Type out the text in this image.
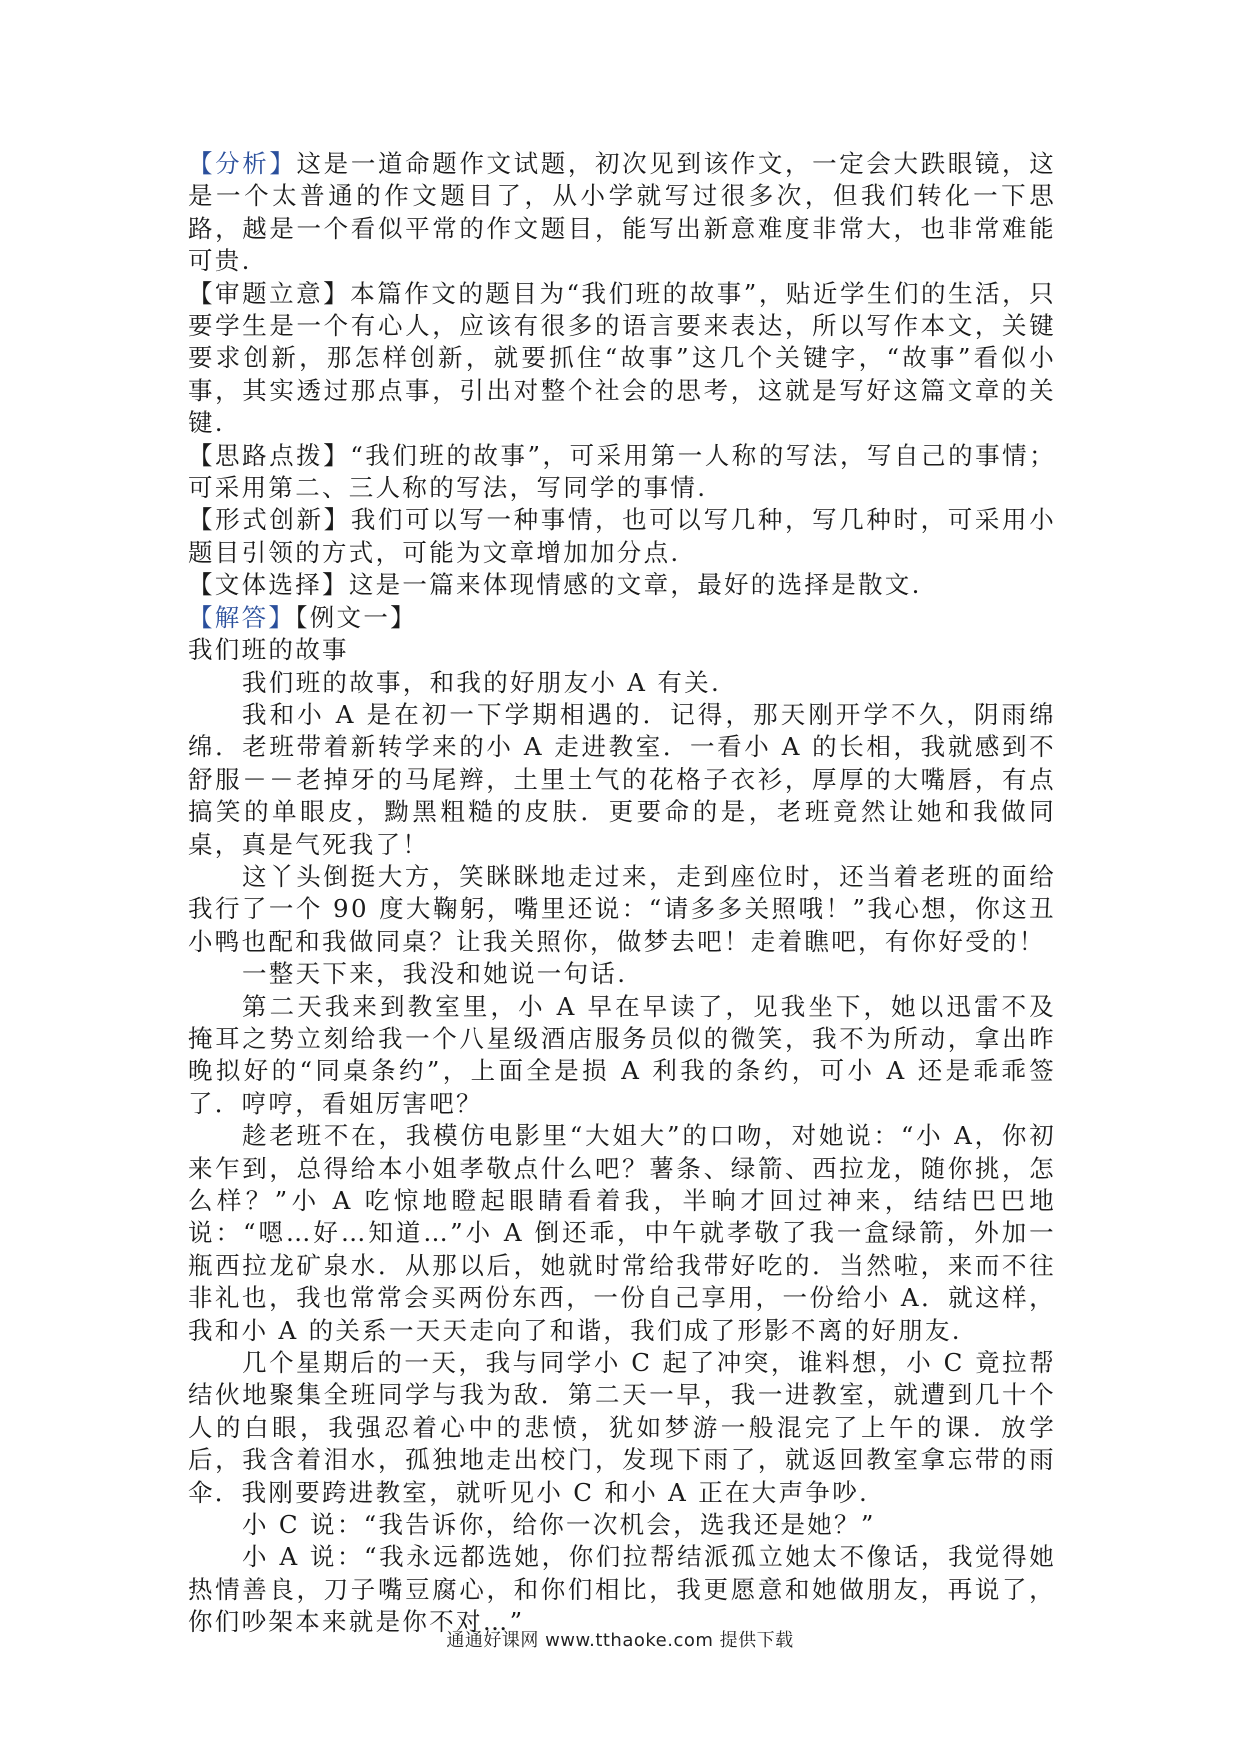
【分析】这是一道命题作文试题，初次见到该作文，一定会大跌眼镜，这是一个太普通的作文题目了，从小学就写过很多次，但我们转化一下思路，越是一个看似平常的作文题目，能写出新意难度非常大，也非常难能可贵.

【审题立意】本篇作文的题目为“我们班的故事”，贴近学生们的生活，只要学生是一个有心人，应该有很多的语言要来表达，所以写作本文，关键要求创新，那怎样创新，就要抓住“故事”这几个关键字，“故事”看似小事，其实透过那点事，引出对整个社会的思考，这就是写好这篇文章的关键.

【思路点拨】“我们班的故事”，可采用第一人称的写法，写自己的事情；可采用第二、三人称的写法，写同学的事情.

【形式创新】我们可以写一种事情，也可以写几种，写几种时，可采用小题目引领的方式，可能为文章增加加分点.

【文体选择】这是一篇来体现情感的文章，最好的选择是散文.

【解答】【例文一】

我们班的故事

我们班的故事，和我的好朋友小 A 有关.

我和小 A 是在初一下学期相遇的．记得，那天刚开学不久，阴雨绵绵．老班带着新转学来的小 A 走进教室．一看小 A 的长相，我就感到不舒服－－老掉牙的马尾辫，土里土气的花格子衣衫，厚厚的大嘴唇，有点搞笑的单眼皮，黝黑粗糙的皮肤．更要命的是，老班竟然让她和我做同桌，真是气死我了！

这丫头倒挺大方，笑眯眯地走过来，走到座位时，还当着老班的面给我行了一个 90 度大鞠躬，嘴里还说：“请多多关照哦！”我心想，你这丑小鸭也配和我做同桌？让我关照你，做梦去吧！走着瞧吧，有你好受的！

一整天下来，我没和她说一句话.

第二天我来到教室里，小 A 早在早读了，见我坐下，她以迅雷不及掩耳之势立刻给我一个八星级酒店服务员似的微笑，我不为所动，拿出昨晚拟好的“同桌条约”，上面全是损 A 利我的条约，可小 A 还是乖乖签了．哼哼，看姐厉害吧？

趁老班不在，我模仿电影里“大姐大”的口吻，对她说：“小 A，你初来乍到，总得给本小姐孝敬点什么吧？薯条、绿箭、西拉龙，随你挑，怎么样？”小 A 吃惊地瞪起眼睛看着我，半晌才回过神来，结结巴巴地说：“嗯…好…知道…”小 A 倒还乖，中午就孝敬了我一盒绿箭，外加一瓶西拉龙矿泉水．从那以后，她就时常给我带好吃的．当然啦，来而不往非礼也，我也常常会买两份东西，一份自己享用，一份给小 A．就这样，我和小 A 的关系一天天走向了和谐，我们成了形影不离的好朋友.

几个星期后的一天，我与同学小 C 起了冲突，谁料想，小 C 竟拉帮结伙地聚集全班同学与我为敌．第二天一早，我一进教室，就遭到几十个人的白眼，我强忍着心中的悲愤，犹如梦游一般混完了上午的课．放学后，我含着泪水，孤独地走出校门，发现下雨了，就返回教室拿忘带的雨伞．我刚要跨进教室，就听见小 C 和小 A 正在大声争吵.

小 C 说：“我告诉你，给你一次机会，选我还是她？”

小 A 说：“我永远都选她，你们拉帮结派孤立她太不像话，我觉得她热情善良，刀子嘴豆腐心，和你们相比，我更愿意和她做朋友，再说了，你们吵架本来就是你不对…”

通通好课网 www.tthaoke.com 提供下载
